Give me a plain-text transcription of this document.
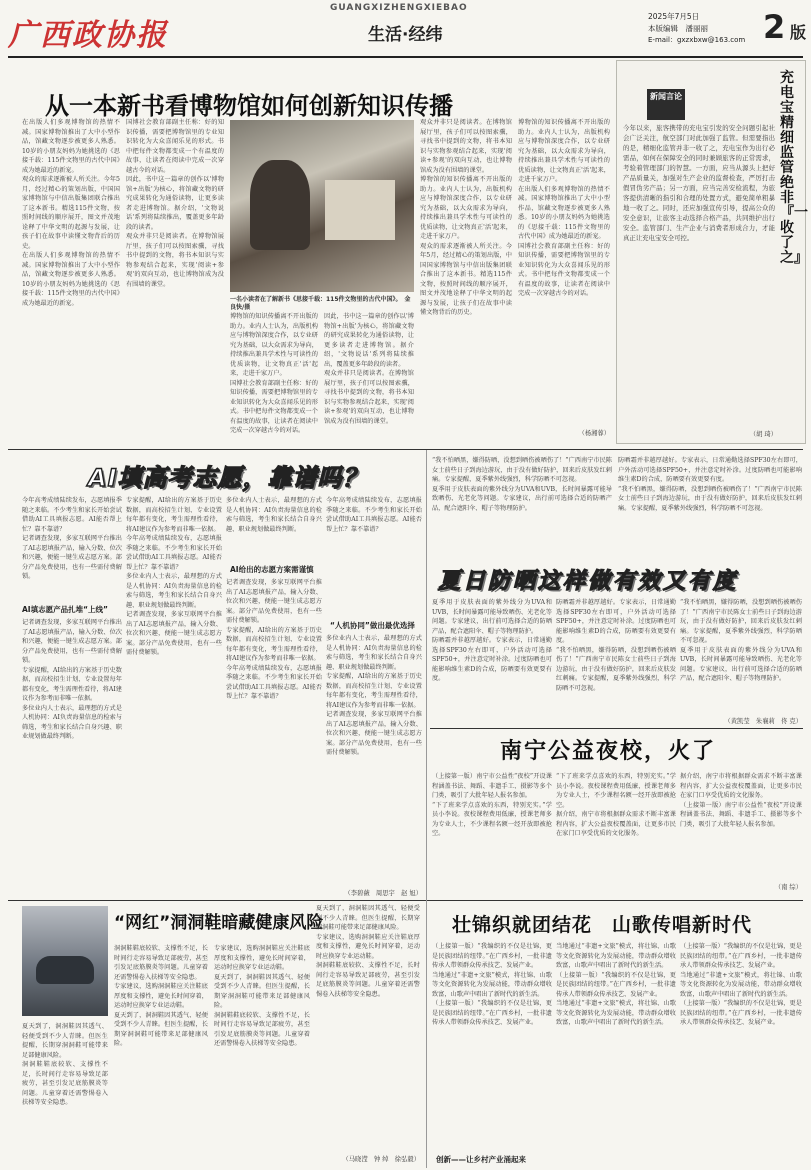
广西政协报
GUANGXIZHENGXIEBAO
生活·经纬
2025年7月5日
本版编辑　潘丽丽
E-mail：gxzxbxw@163.com 2 版
从一本新书看博物馆如何创新知识传播

在出版人们多观博物馆的热情不减。国家博物馆推出了大中小型作品，馆藏文物逐步被更多人熟悉。10岁的小朋友妈妈为她挑选的《思接千载：115件文物里的古代中国》成为她最近的新宠。

观众的需求逐渐被人所关注。今年5月，经过精心的策划出版，中国国家博物馆与中信出版集团联合推出了这本新书。精选115件文物，按照时间线的顺序展开，图文并茂地诠释了中华文明的起源与发展，让孩子们在故事中读懂文物背后的历史。

在出版人们多观博物馆的热情不减。国家博物馆推出了大中小型作品，馆藏文物逐步被更多人熟悉。10岁的小朋友妈妈为她挑选的《思接千载：115件文物里的古代中国》成为她最近的新宠。

国博社会教育部副主任称：好的知识传播，需要把博物馆里的专业知识转化为大众喜闻乐见的形式。书中把每件文物都变成一个有温度的故事，让读者在阅读中完成一次穿越古今的对话。

因此，书中这一篇章的创作以'博物馆+出版'为核心，将馆藏文物的研究成果转化为通俗读物，让更多读者走进博物馆。据介绍，'文物说话'系列将陆续推出，覆盖更多年龄段的读者。

观众并非只是阅读者。在博物馆展厅里，孩子们可以按图索骥，寻找书中提到的文物，将书本知识与实物参观结合起来，实现'阅读+参观'的双向互动，也让博物馆成为没有围墙的课堂。

一名小读者在了解新书《思接千载：115件文物里的古代中国》。　金良快/摄

博物馆的知识传播离不开出版的助力。业内人士认为，出版机构应与博物馆深度合作，以专业研究为基础，以大众需求为导向，持续推出兼具学术性与可读性的优质读物，让文物真正'活'起来，走进千家万户。

国博社会教育部副主任称：好的知识传播，需要把博物馆里的专业知识转化为大众喜闻乐见的形式。书中把每件文物都变成一个有温度的故事，让读者在阅读中完成一次穿越古今的对话。

因此，书中这一篇章的创作以'博物馆+出版'为核心，将馆藏文物的研究成果转化为通俗读物，让更多读者走进博物馆。据介绍，'文物说话'系列将陆续推出，覆盖更多年龄段的读者。

观众并非只是阅读者。在博物馆展厅里，孩子们可以按图索骥，寻找书中提到的文物，将书本知识与实物参观结合起来，实现'阅读+参观'的双向互动，也让博物馆成为没有围墙的课堂。

观众并非只是阅读者。在博物馆展厅里，孩子们可以按图索骥，寻找书中提到的文物，将书本知识与实物参观结合起来，实现'阅读+参观'的双向互动，也让博物馆成为没有围墙的课堂。

博物馆的知识传播离不开出版的助力。业内人士认为，出版机构应与博物馆深度合作，以专业研究为基础，以大众需求为导向，持续推出兼具学术性与可读性的优质读物，让文物真正'活'起来，走进千家万户。

观众的需求逐渐被人所关注。今年5月，经过精心的策划出版，中国国家博物馆与中信出版集团联合推出了这本新书。精选115件文物，按照时间线的顺序展开，图文并茂地诠释了中华文明的起源与发展，让孩子们在故事中读懂文物背后的历史。

博物馆的知识传播离不开出版的助力。业内人士认为，出版机构应与博物馆深度合作，以专业研究为基础，以大众需求为导向，持续推出兼具学术性与可读性的优质读物，让文物真正'活'起来，走进千家万户。

在出版人们多观博物馆的热情不减。国家博物馆推出了大中小型作品，馆藏文物逐步被更多人熟悉。10岁的小朋友妈妈为她挑选的《思接千载：115件文物里的古代中国》成为她最近的新宠。

国博社会教育部副主任称：好的知识传播，需要把博物馆里的专业知识转化为大众喜闻乐见的形式。书中把每件文物都变成一个有温度的故事，让读者在阅读中完成一次穿越古今的对话。

（杨湘蓉）
新闻言论
充电宝精细监管绝非『一收了之』
今年以来，旅客携带的充电宝引发的安全问题引起社会广泛关注，航空部门对此加强了监管。但需要指出的是，精细化监管并非一收了之，充电宝作为出行必需品，如何在保障安全的同时兼顾旅客的正常需求，考验着管理部门的智慧。一方面，应当从源头上把好产品质量关，加强对生产企业的监督检查，严厉打击假冒伪劣产品；另一方面，应当完善安检流程，为旅客提供清晰的指引和合理的处置方式，避免简单粗暴地一收了之。同时，还应加强宣传引导，提高公众的安全意识，让旅客主动选择合格产品，共同维护出行安全。监管部门、生产企业与消费者形成合力，才能真正让充电宝安全可控。
（胡 琦）
AI填高考志愿，靠谱吗？

今年高考成绩陆续发布，志愿填报季随之来临。不少考生和家长开始尝试借助AI工具填报志愿。AI能否帮上忙？靠不靠谱？

记者调查发现，多家互联网平台推出了AI志愿填报产品，输入分数、位次和兴趣，便能一键生成志愿方案。部分产品免费使用，也有一些需付费解锁。

AI填志愿产品扎堆“上线”

记者调查发现，多家互联网平台推出了AI志愿填报产品，输入分数、位次和兴趣，便能一键生成志愿方案。部分产品免费使用，也有一些需付费解锁。

专家提醒，AI给出的方案基于历史数据，而高校招生计划、专业设置每年都有变化，考生需理性看待，将AI建议作为参考而非唯一依据。

多位业内人士表示，最理想的方式是人机协同：AI负责海量信息的检索与筛选，考生和家长结合自身兴趣、职业规划做最终判断。

专家提醒，AI给出的方案基于历史数据，而高校招生计划、专业设置每年都有变化，考生需理性看待，将AI建议作为参考而非唯一依据。

今年高考成绩陆续发布，志愿填报季随之来临。不少考生和家长开始尝试借助AI工具填报志愿。AI能否帮上忙？靠不靠谱？

多位业内人士表示，最理想的方式是人机协同：AI负责海量信息的检索与筛选，考生和家长结合自身兴趣、职业规划做最终判断。

记者调查发现，多家互联网平台推出了AI志愿填报产品，输入分数、位次和兴趣，便能一键生成志愿方案。部分产品免费使用，也有一些需付费解锁。

AI给出的志愿方案需谨慎

多位业内人士表示，最理想的方式是人机协同：AI负责海量信息的检索与筛选，考生和家长结合自身兴趣、职业规划做最终判断。

记者调查发现，多家互联网平台推出了AI志愿填报产品，输入分数、位次和兴趣，便能一键生成志愿方案。部分产品免费使用，也有一些需付费解锁。

专家提醒，AI给出的方案基于历史数据，而高校招生计划、专业设置每年都有变化，考生需理性看待，将AI建议作为参考而非唯一依据。

今年高考成绩陆续发布，志愿填报季随之来临。不少考生和家长开始尝试借助AI工具填报志愿。AI能否帮上忙？靠不靠谱？

“人机协同”做出最优选择

今年高考成绩陆续发布，志愿填报季随之来临。不少考生和家长开始尝试借助AI工具填报志愿。AI能否帮上忙？靠不靠谱？

多位业内人士表示，最理想的方式是人机协同：AI负责海量信息的检索与筛选，考生和家长结合自身兴趣、职业规划做最终判断。

专家提醒，AI给出的方案基于历史数据，而高校招生计划、专业设置每年都有变化，考生需理性看待，将AI建议作为参考而非唯一依据。

记者调查发现，多家互联网平台推出了AI志愿填报产品，输入分数、位次和兴趣，便能一键生成志愿方案。部分产品免费使用，也有一些需付费解锁。

（李碧薇　周思宇　赵 旭）

“我不怕晒黑，嫌得防晒，没想到晒伤被晒伤了！”广西南宁市民陈女士前些日子到海边游玩，由于没有做好防护，回来后皮肤发红刺痛。专家提醒，夏季紫外线强烈，科学防晒不可忽视。

夏季用于皮肤表面的紫外线分为UVA和UVB，长时间暴露可能导致晒伤、光老化等问题。专家建议，出行前可选择合适的防晒产品，配合遮阳伞、帽子等物理防护。

防晒霜并非越厚越好。专家表示，日常通勤选择SPF30左右即可，户外活动可选择SPF50+，并注意定时补涂。过度防晒也可能影响维生素D的合成，防晒要有效更要有度。

“我不怕晒黑，嫌得防晒，没想到晒伤被晒伤了！”广西南宁市民陈女士前些日子到海边游玩，由于没有做好防护，回来后皮肤发红刺痛。专家提醒，夏季紫外线强烈，科学防晒不可忽视。

夏日防晒这样做有效又有度

夏季用于皮肤表面的紫外线分为UVA和UVB，长时间暴露可能导致晒伤、光老化等问题。专家建议，出行前可选择合适的防晒产品，配合遮阳伞、帽子等物理防护。

防晒霜并非越厚越好。专家表示，日常通勤选择SPF30左右即可，户外活动可选择SPF50+，并注意定时补涂。过度防晒也可能影响维生素D的合成，防晒要有效更要有度。

防晒霜并非越厚越好。专家表示，日常通勤选择SPF30左右即可，户外活动可选择SPF50+，并注意定时补涂。过度防晒也可能影响维生素D的合成，防晒要有效更要有度。

“我不怕晒黑，嫌得防晒，没想到晒伤被晒伤了！”广西南宁市民陈女士前些日子到海边游玩，由于没有做好防护，回来后皮肤发红刺痛。专家提醒，夏季紫外线强烈，科学防晒不可忽视。

“我不怕晒黑，嫌得防晒，没想到晒伤被晒伤了！”广西南宁市民陈女士前些日子到海边游玩，由于没有做好防护，回来后皮肤发红刺痛。专家提醒，夏季紫外线强烈，科学防晒不可忽视。

夏季用于皮肤表面的紫外线分为UVA和UVB，长时间暴露可能导致晒伤、光老化等问题。专家建议，出行前可选择合适的防晒产品，配合遮阳伞、帽子等物理防护。

（黄凯莹　朱襄莉　佟 克）
南宁公益夜校，火了

（上接第一版）南宁市公益性“夜校”开设课程涵盖书法、舞蹈、非遗手工、摄影等多个门类，吸引了大批年轻人报名参加。

“下了班来学点喜欢的东西，特别充实。”学员小李说。夜校课程费用低廉，授课老师多为专业人士，不少课程名额一经开放即被抢空。

“下了班来学点喜欢的东西，特别充实。”学员小李说。夜校课程费用低廉，授课老师多为专业人士，不少课程名额一经开放即被抢空。

据介绍，南宁市将根据群众需求不断丰富课程内容，扩大公益夜校覆盖面，让更多市民在家门口享受优质的文化服务。

据介绍，南宁市将根据群众需求不断丰富课程内容，扩大公益夜校覆盖面，让更多市民在家门口享受优质的文化服务。

（上接第一版）南宁市公益性“夜校”开设课程涵盖书法、舞蹈、非遗手工、摄影等多个门类，吸引了大批年轻人报名参加。

（南 综）
“网红”洞洞鞋暗藏健康风险

夏天到了，洞洞鞋因其透气、轻便受到不少人青睐。但医生提醒，长期穿洞洞鞋可能带来足部健康风险。

洞洞鞋鞋底较软、支撑性不足，长时间行走容易导致足部疲劳，甚至引发足底筋膜炎等问题。儿童穿着还需警惕卷入扶梯等安全隐患。

洞洞鞋鞋底较软、支撑性不足，长时间行走容易导致足部疲劳，甚至引发足底筋膜炎等问题。儿童穿着还需警惕卷入扶梯等安全隐患。

专家建议，选购洞洞鞋应关注鞋底厚度和支撑性，避免长时间穿着，运动时应换穿专业运动鞋。

夏天到了，洞洞鞋因其透气、轻便受到不少人青睐。但医生提醒，长期穿洞洞鞋可能带来足部健康风险。

专家建议，选购洞洞鞋应关注鞋底厚度和支撑性，避免长时间穿着，运动时应换穿专业运动鞋。

夏天到了，洞洞鞋因其透气、轻便受到不少人青睐。但医生提醒，长期穿洞洞鞋可能带来足部健康风险。

洞洞鞋鞋底较软、支撑性不足，长时间行走容易导致足部疲劳，甚至引发足底筋膜炎等问题。儿童穿着还需警惕卷入扶梯等安全隐患。

夏天到了，洞洞鞋因其透气、轻便受到不少人青睐。但医生提醒，长期穿洞洞鞋可能带来足部健康风险。

专家建议，选购洞洞鞋应关注鞋底厚度和支撑性，避免长时间穿着，运动时应换穿专业运动鞋。

洞洞鞋鞋底较软、支撑性不足，长时间行走容易导致足部疲劳，甚至引发足底筋膜炎等问题。儿童穿着还需警惕卷入扶梯等安全隐患。

（马晓滢　钟 绰　徐弘毅）
壮锦织就团结花　山歌传唱新时代

（上接第一版）“我编织的不仅是壮锦，更是民族团结的纽带。”在广西乡村，一批非遗传承人带领群众传承技艺、发展产业。

当地通过“非遗+文旅”模式，将壮锦、山歌等文化资源转化为发展动能，带动群众增收致富，山歌声中唱出了新时代的新生活。

（上接第一版）“我编织的不仅是壮锦，更是民族团结的纽带。”在广西乡村，一批非遗传承人带领群众传承技艺、发展产业。

创新——让乡村产业涌起来

当地通过“非遗+文旅”模式，将壮锦、山歌等文化资源转化为发展动能，带动群众增收致富，山歌声中唱出了新时代的新生活。

（上接第一版）“我编织的不仅是壮锦，更是民族团结的纽带。”在广西乡村，一批非遗传承人带领群众传承技艺、发展产业。

当地通过“非遗+文旅”模式，将壮锦、山歌等文化资源转化为发展动能，带动群众增收致富，山歌声中唱出了新时代的新生活。

（上接第一版）“我编织的不仅是壮锦，更是民族团结的纽带。”在广西乡村，一批非遗传承人带领群众传承技艺、发展产业。

当地通过“非遗+文旅”模式，将壮锦、山歌等文化资源转化为发展动能，带动群众增收致富，山歌声中唱出了新时代的新生活。

（上接第一版）“我编织的不仅是壮锦，更是民族团结的纽带。”在广西乡村，一批非遗传承人带领群众传承技艺、发展产业。
